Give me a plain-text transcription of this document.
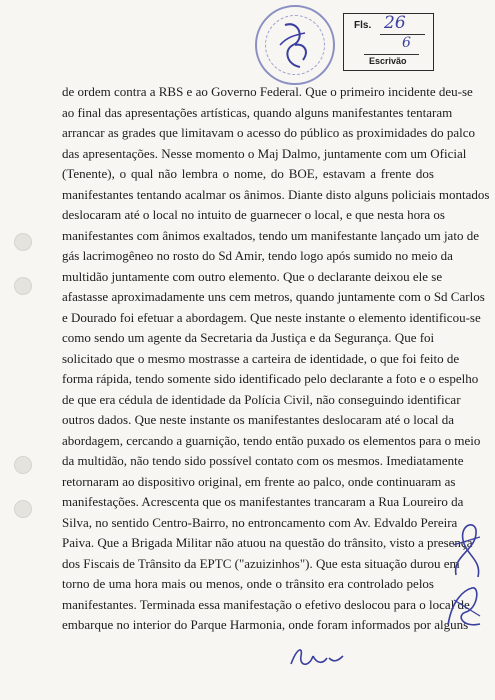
Fls. 26
6
Escrivão
de ordem contra a RBS e ao Governo Federal. Que o primeiro incidente deu-se
ao final das apresentações artísticas, quando alguns manifestantes tentaram
arrancar as grades que limitavam o acesso do público as proximidades do palco
das apresentações. Nesse momento o Maj Dalmo, juntamente com um Oficial
(Tenente), o qual não lembra o nome, do BOE, estavam a frente dos
manifestantes tentando acalmar os ânimos. Diante disto alguns policiais montados
deslocaram até o local no intuito de guarnecer o local, e que nesta hora os
manifestantes com ânimos exaltados, tendo um manifestante lançado um jato de
gás lacrimogêneo no rosto do Sd Amir, tendo logo após sumido no meio da
multidão juntamente com outro elemento. Que o declarante deixou ele se
afastasse aproximadamente uns cem metros, quando juntamente com o Sd Carlos
e Dourado foi efetuar a abordagem. Que neste instante o elemento identificou-se
como sendo um agente da Secretaria da Justiça e da Segurança. Que foi
solicitado que o mesmo mostrasse a carteira de identidade, o que foi feito de
forma rápida, tendo somente sido identificado pelo declarante a foto e o espelho
de que era cédula de identidade da Polícia Civil, não conseguindo identificar
outros dados. Que neste instante os manifestantes deslocaram até o local da
abordagem, cercando a guarnição, tendo então puxado os elementos para o meio
da multidão, não tendo sido possível contato com os mesmos. Imediatamente
retornaram ao dispositivo original, em frente ao palco, onde continuaram as
manifestações. Acrescenta que os manifestantes trancaram a Rua Loureiro da
Silva, no sentido Centro-Bairro, no entroncamento com Av. Edvaldo Pereira
Paiva. Que a Brigada Militar não atuou na questão do trânsito, visto a presença
dos Fiscais de Trânsito da EPTC ("azuizinhos"). Que esta situação durou em
torno de uma hora mais ou menos, onde o trânsito era controlado pelos
manifestantes. Terminada essa manifestação o efetivo deslocou para o local de
embarque no interior do Parque Harmonia, onde foram informados por alguns
